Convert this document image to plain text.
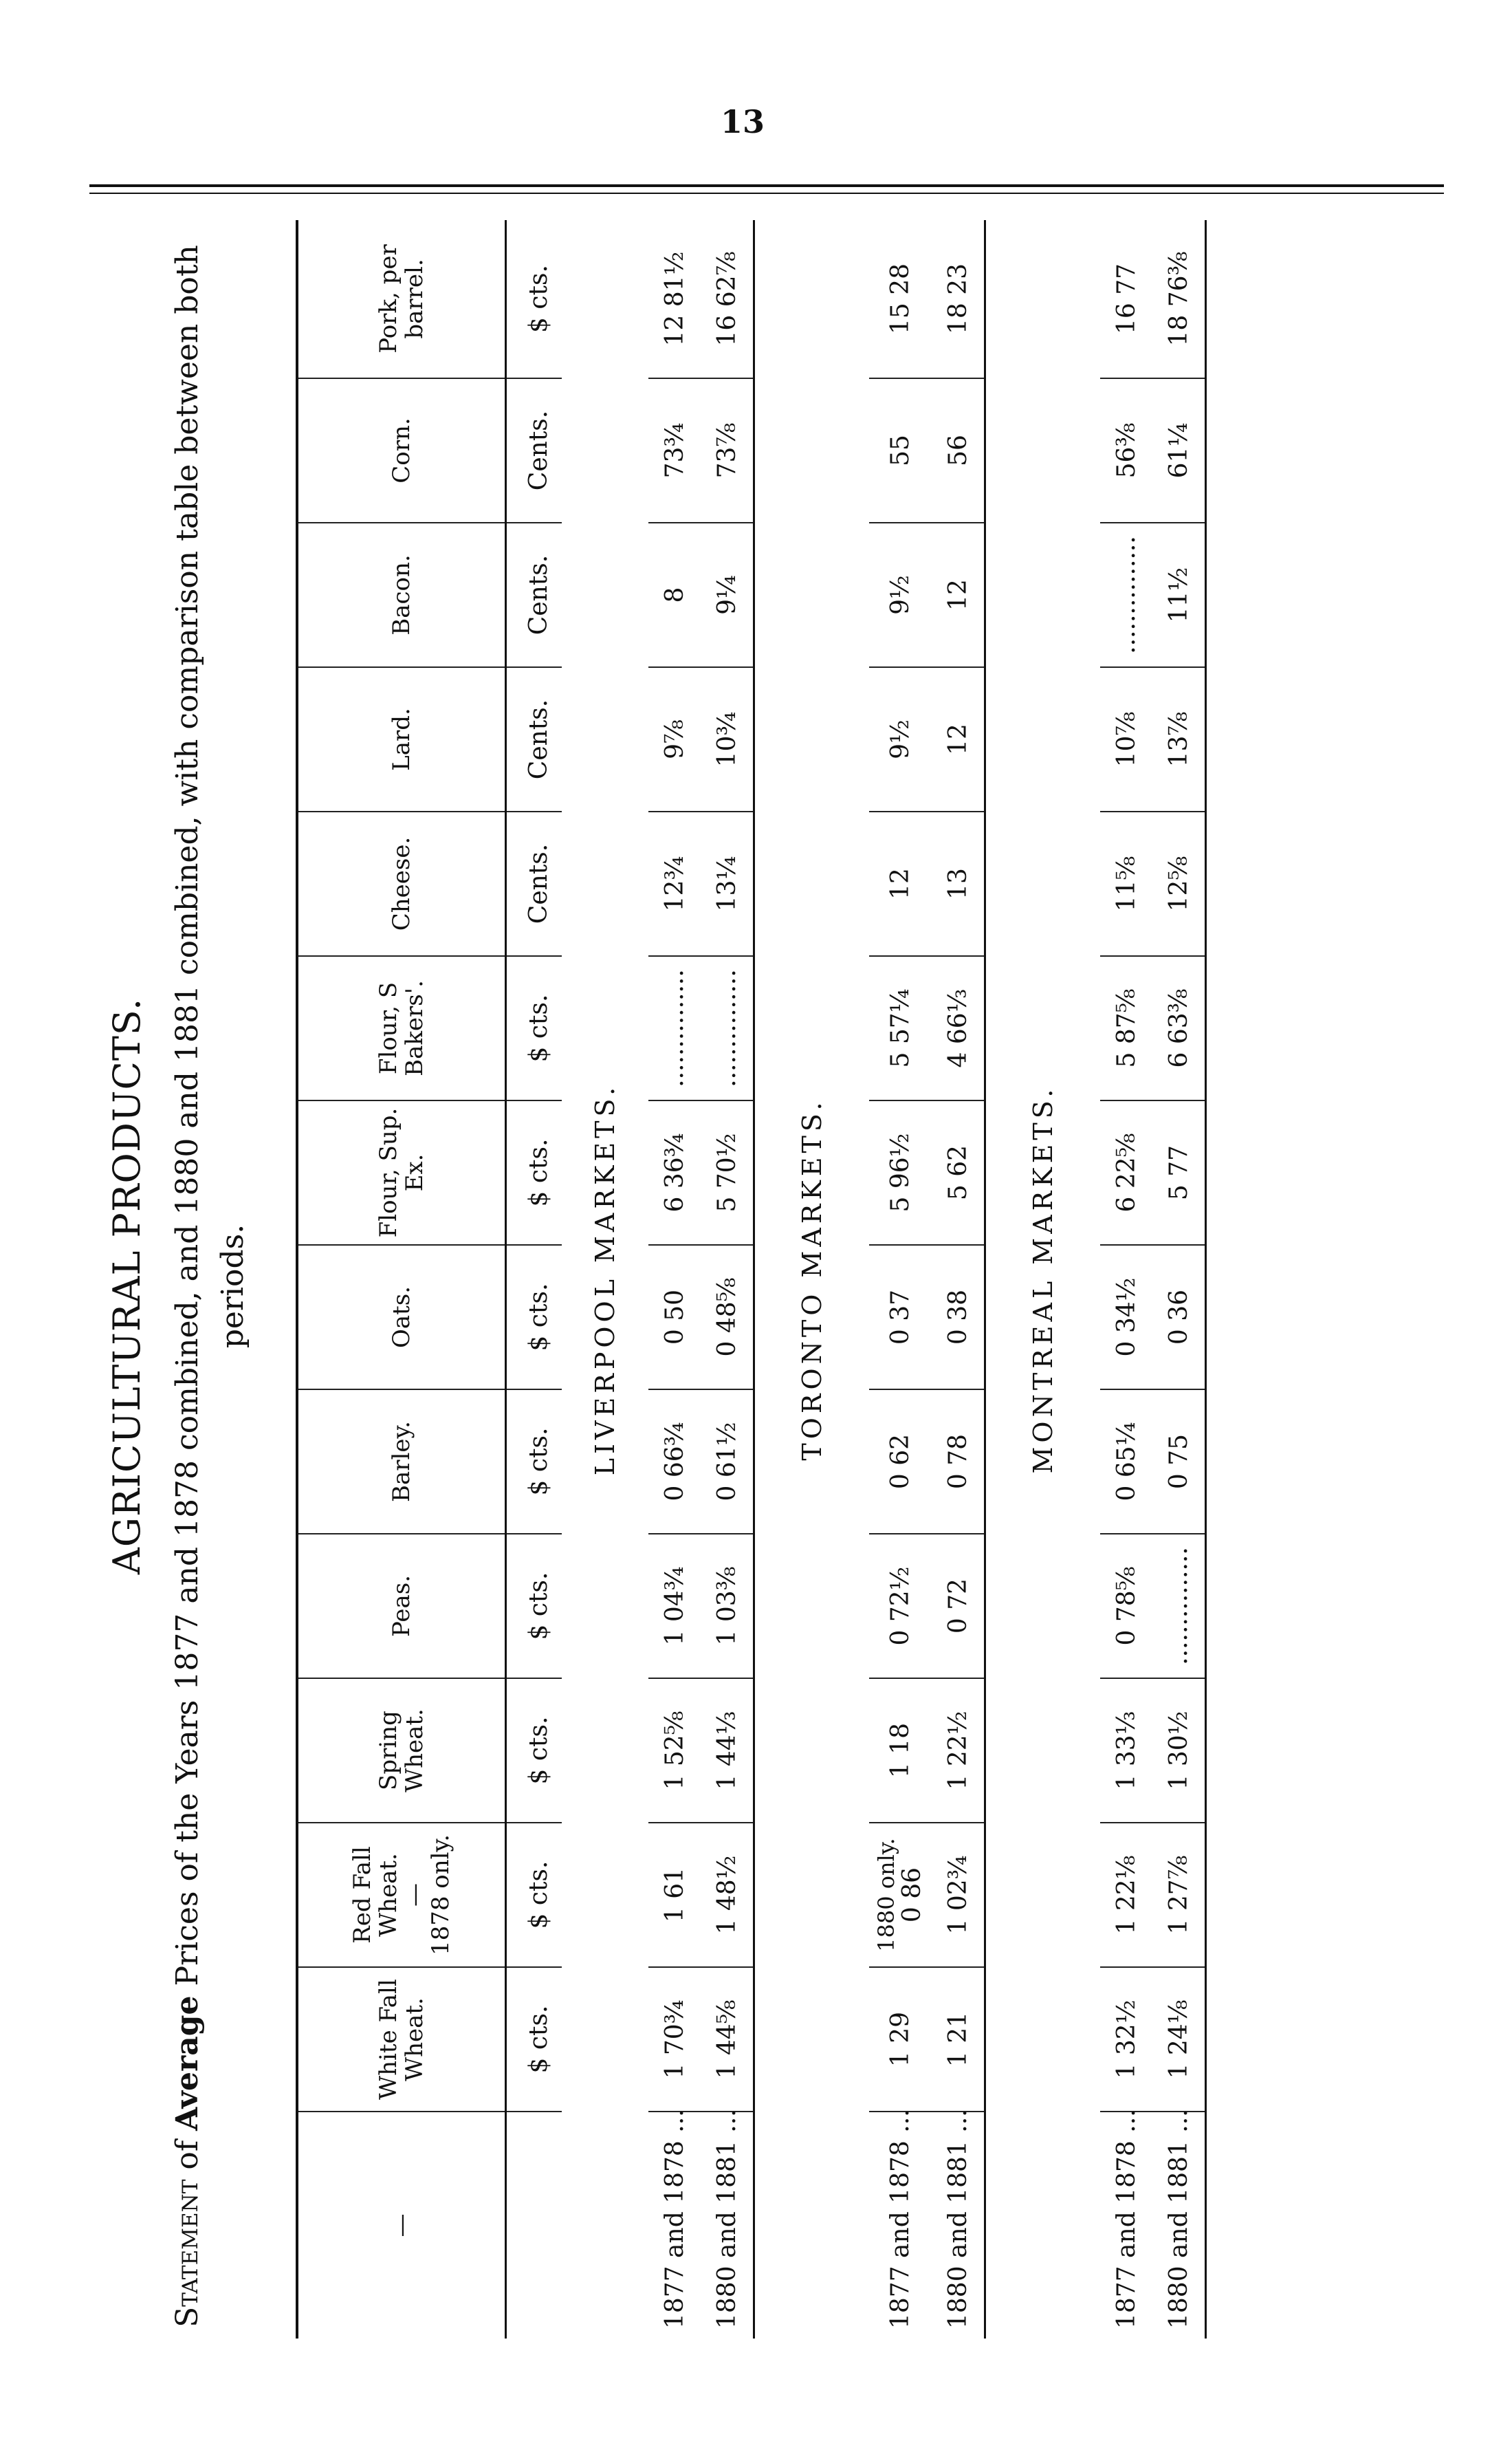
13
AGRICULTURAL PRODUCTS.
Statement of Average Prices of the Years 1877 and 1878 combined, and 1880 and 1881 combined, with comparison table between both periods.
—	White Fall Wheat.	Red Fall Wheat.
—
1878 only.	Spring Wheat.	Peas.	Barley.	Oats.	Flour, Sup. Ex.	Flour, S Bakers'.	Cheese.	Lard.	Bacon.	Corn.	Pork, per barrel.
	$ cts.	$ cts.	$ cts.	$ cts.	$ cts.	$ cts.	$ cts.	$ cts.	Cents.	Cents.	Cents.	Cents.	$ cts.
LIVERPOOL MARKETS.													
1877 and 1878 ...	1 70¾	1 61	1 52⅝	1 04¾	0 66¾	0 50	6 36¾	...............	12¾	9⅞	8	73¾	12 81½
1880 and 1881 ...	1 44⅝	1 48½	1 44⅓	1 03⅜	0 61½	0 48⅝	5 70½	...............	13¼	10¾	9¼	73⅞	16 62⅞
TORONTO MARKETS.													
1877 and 1878 ...	1 29	1880 only.
0 86	1 18	0 72½	0 62	0 37	5 96½	5 57¼	12	9½	9½	55	15 28
1880 and 1881 ...	1 21	1 02¾	1 22½	0 72	0 78	0 38	5 62	4 66⅓	13	12	12	56	18 23
MONTREAL MARKETS.													
1877 and 1878 ...	1 32½	1 22⅛	1 33⅓	0 78⅝	0 65¼	0 34½	6 22⅝	5 87⅝	11⅝	10⅞	...............	56⅜	16 77
1880 and 1881 ...	1 24⅛	1 27⅞	1 30½	...............	0 75	0 36	5 77	6 63⅜	12⅝	13⅞	11½	61¼	18 76⅜
